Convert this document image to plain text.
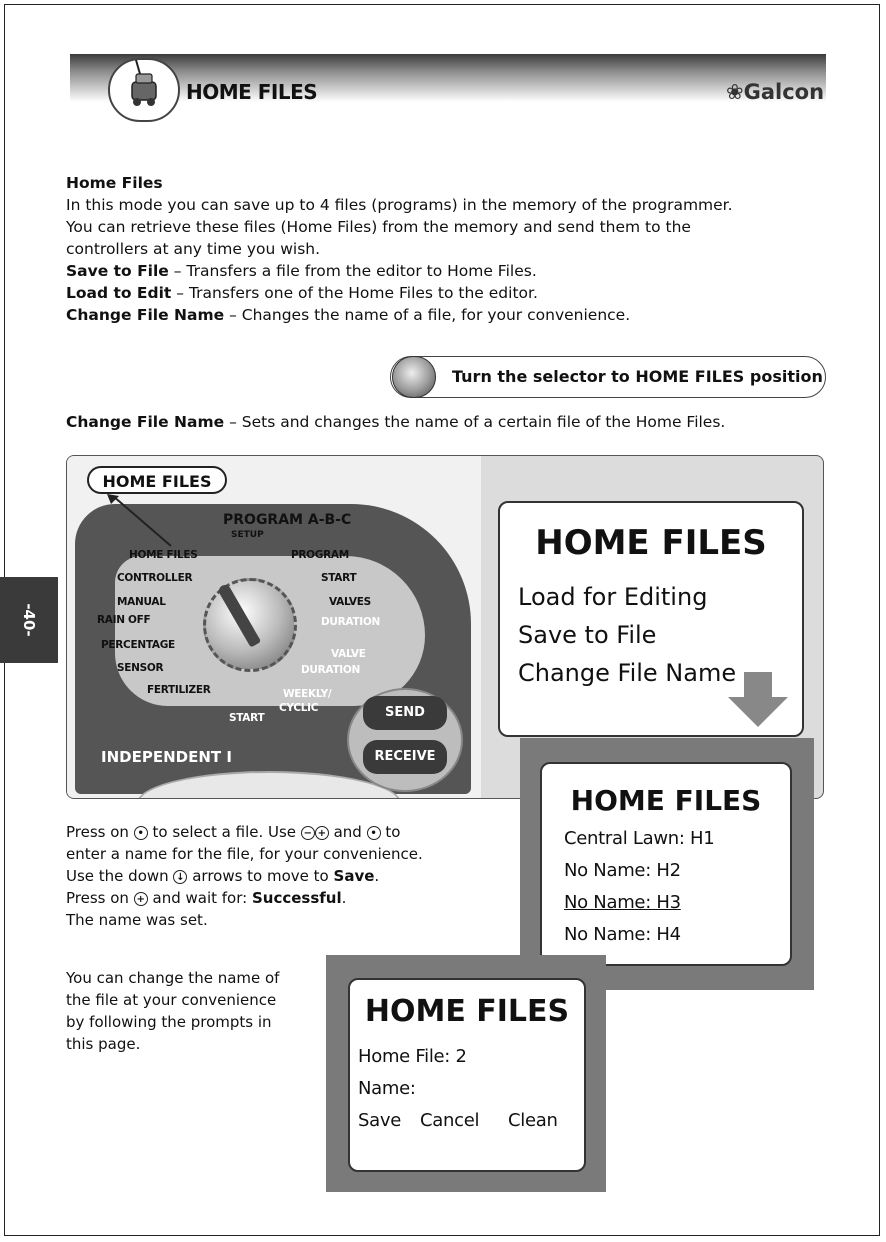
-40-
HOME FILES	❀Galcon

Home Files

In this mode you can save up to 4 files (programs) in the memory of the programmer.

You can retrieve these files (Home Files) from the memory and send them to the

controllers at any time you wish.

Save to File – Transfers a file from the editor to Home Files.

Load to Edit – Transfers one of the Home Files to the editor.

Change File Name – Changes the name of a file, for your convenience.

Turn the selector to HOME FILES position
Change File Name – Sets and changes the name of a certain file of the Home Files.
HOME FILES
PROGRAM A-B-C
SETUP
HOME FILES
CONTROLLER
MANUAL
RAIN OFF
PERCENTAGE
SENSOR
FERTILIZER
PROGRAM
START
VALVES
DURATION
VALVE
DURATION
WEEKLY/
CYCLIC
START
INDEPENDENT I
SEND
RECEIVE
HOME FILES
Load for Editing
Save to File
Change File Name
HOME FILES
Central Lawn: H1
No Name: H2
No Name: H3
No Name: H4
HOME FILES
Home File: 2
Name:
Save Cancel Clean

Press on • to select a file. Use − + and • to

enter a name for the file, for your convenience.

Use the down ↓ arrows to move to Save.

Press on + and wait for: Successful.

The name was set.

You can change the name of

the file at your convenience

by following the prompts in

this page.
